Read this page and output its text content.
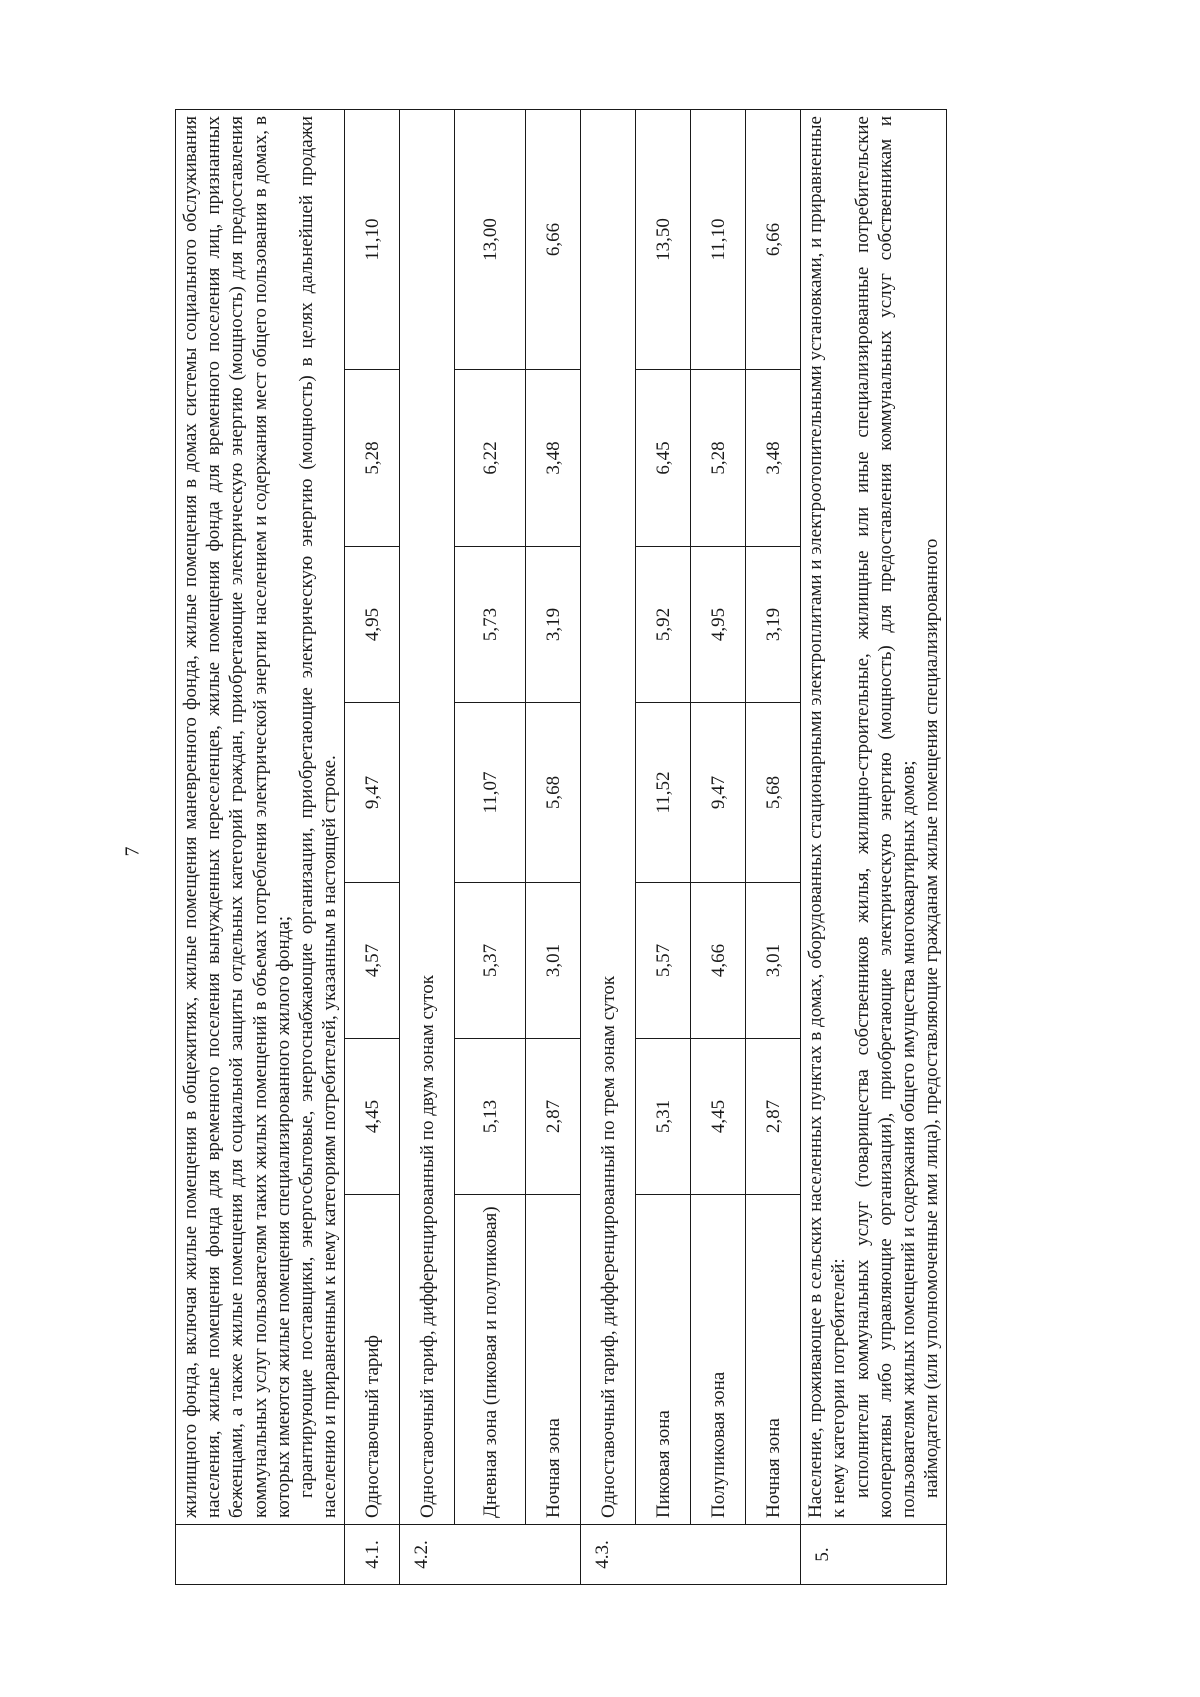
7

	жилищного фонда, включая жилые помещения в общежитиях, жилые помещения маневренного фонда, жилые помещения в домах системы социального обслуживания населения, жилые помещения фонда для временного поселения вынужденных переселенцев, жилые помещения фонда для временного поселения лиц, признанных беженцами, а также жилые помещения для социальной защиты отдельных категорий граждан, приобретающие электрическую энергию (мощность) для предоставления коммунальных услуг пользователям таких жилых помещений в объемах потребления электрической энергии населением и содержания мест общего пользования в домах, в которых имеются жилые помещения специализированного жилого фонда; гарантирующие поставщики, энергосбытовые, энергоснабжающие организации, приобретающие электрическую энергию (мощность) в целях дальнейшей продажи населению и приравненным к нему категориям потребителей, указанным в настоящей строке.						

4.1.	Одноставочный тариф	4,45	4,57	9,47	4,95	5,28	11,10
4.2.	Одноставочный тариф, дифференцированный по двум зонам суток						
	Дневная зона (пиковая и полупиковая)	5,13	5,37	11,07	5,73	6,22	13,00
	Ночная зона	2,87	3,01	5,68	3,19	3,48	6,66
4.3.	Одноставочный тариф, дифференцированный по трем зонам суток						
	Пиковая зона	5,31	5,57	11,52	5,92	6,45	13,50
	Полупиковая зона	4,45	4,66	9,47	4,95	5,28	11,10
	Ночная зона	2,87	3,01	5,68	3,19	3,48	6,66
5.	Население, проживающее в сельских населенных пунктах в домах, оборудованных стационарными электроплитами и электроотопительными установками, и приравненные к нему категории потребителей: исполнители коммунальных услуг (товарищества собственников жилья, жилищно-строительные, жилищные или иные специализированные потребительские кооперативы либо управляющие организации), приобретающие электрическую энергию (мощность) для предоставления коммунальных услуг собственникам и пользователям жилых помещений и содержания общего имущества многоквартирных домов; наймодатели (или уполномоченные ими лица), предоставляющие гражданам жилые помещения специализированного						
